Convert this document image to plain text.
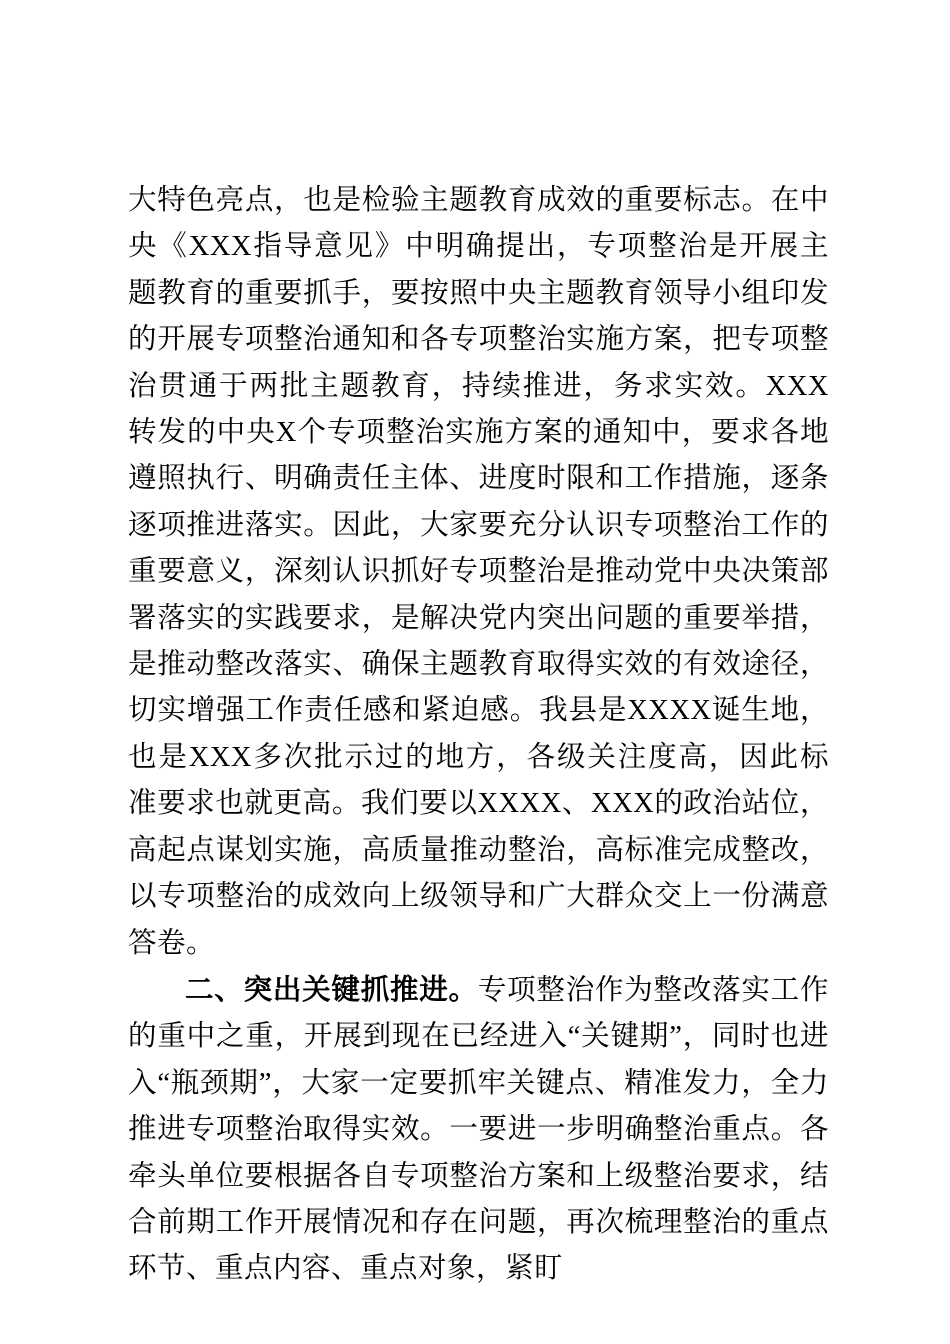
大特色亮点，也是检验主题教育成效的重要标志。在中央《XXX指导意见》中明确提出，专项整治是开展主题教育的重要抓手，要按照中央主题教育领导小组印发的开展专项整治通知和各专项整治实施方案，把专项整治贯通于两批主题教育，持续推进，务求实效。XXX转发的中央X个专项整治实施方案的通知中，要求各地遵照执行、明确责任主体、进度时限和工作措施，逐条逐项推进落实。因此，大家要充分认识专项整治工作的重要意义，深刻认识抓好专项整治是推动党中央决策部署落实的实践要求，是解决党内突出问题的重要举措，是推动整改落实、确保主题教育取得实效的有效途径，切实增强工作责任感和紧迫感。我县是XXXX诞生地，也是XXX多次批示过的地方，各级关注度高，因此标准要求也就更高。我们要以XXXX、XXX的政治站位，高起点谋划实施，高质量推动整治，高标准完成整改，以专项整治的成效向上级领导和广大群众交上一份满意答卷。

二、突出关键抓推进。专项整治作为整改落实工作的重中之重，开展到现在已经进入“关键期”，同时也进入“瓶颈期”，大家一定要抓牢关键点、精准发力，全力推进专项整治取得实效。一要进一步明确整治重点。各牵头单位要根据各自专项整治方案和上级整治要求，结合前期工作开展情况和存在问题，再次梳理整治的重点环节、重点内容、重点对象，紧盯
